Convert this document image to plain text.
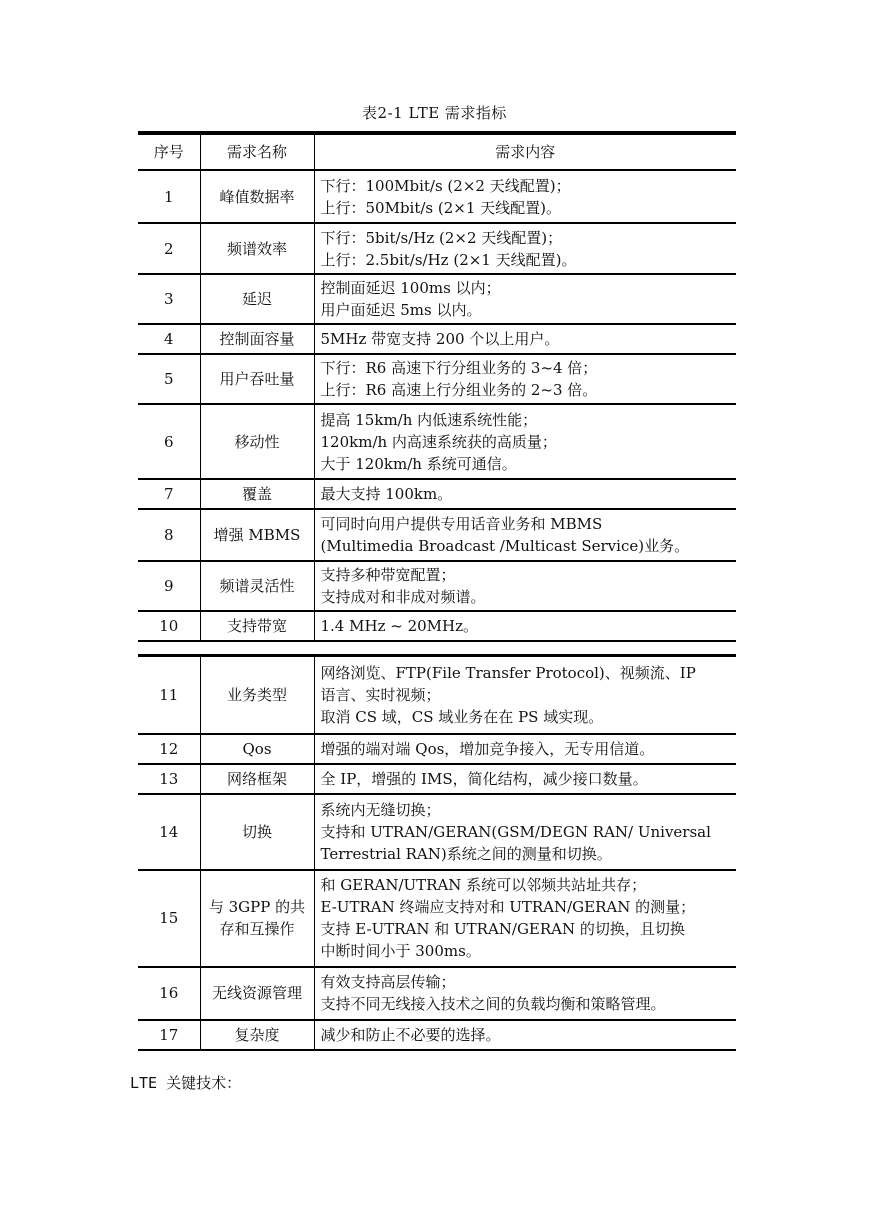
表2-1 LTE 需求指标
序号	需求名称	需求内容
1	峰值数据率	下行：100Mbit/s (2×2 天线配置)；
上行：50Mbit/s (2×1 天线配置)。

2	频谱效率	下行：5bit/s/Hz (2×2 天线配置)；
上行：2.5bit/s/Hz (2×1 天线配置)。

3	延迟	控制面延迟 100ms 以内；
用户面延迟 5ms 以内。

4	控制面容量	5MHz 带宽支持 200 个以上用户。

5	用户吞吐量	下行：R6 高速下行分组业务的 3~4 倍；
上行：R6 高速上行分组业务的 2~3 倍。

6	移动性	提高 15km/h 内低速系统性能；
120km/h 内高速系统获的高质量；
大于 120km/h 系统可通信。

7	覆盖	最大支持 100km。

8	增强 MBMS	可同时向用户提供专用话音业务和 MBMS
(Multimedia Broadcast /Multicast Service)业务。

9	频谱灵活性	支持多种带宽配置；
支持成对和非成对频谱。

10	支持带宽	1.4 MHz ~ 20MHz。
11	业务类型	网络浏览、FTP(File Transfer Protocol)、视频流、IP
语言、实时视频；
取消 CS 域，CS 域业务在在 PS 域实现。

12	Qos	增强的端对端 Qos，增加竞争接入，无专用信道。

13	网络框架	全 IP，增强的 IMS，简化结构，减少接口数量。

14	切换	系统内无缝切换；
支持和 UTRAN/GERAN(GSM/DEGN RAN/ Universal
Terrestrial RAN)系统之间的测量和切换。

15	与 3GPP 的共存和互操作	和 GERAN/UTRAN 系统可以邻频共站址共存；
E-UTRAN 终端应支持对和 UTRAN/GERAN 的测量；
支持 E-UTRAN 和 UTRAN/GERAN 的切换，且切换
中断时间小于 300ms。

16	无线资源管理	有效支持高层传输；
支持不同无线接入技术之间的负载均衡和策略管理。

17	复杂度	减少和防止不必要的选择。
LTE 关键技术：
